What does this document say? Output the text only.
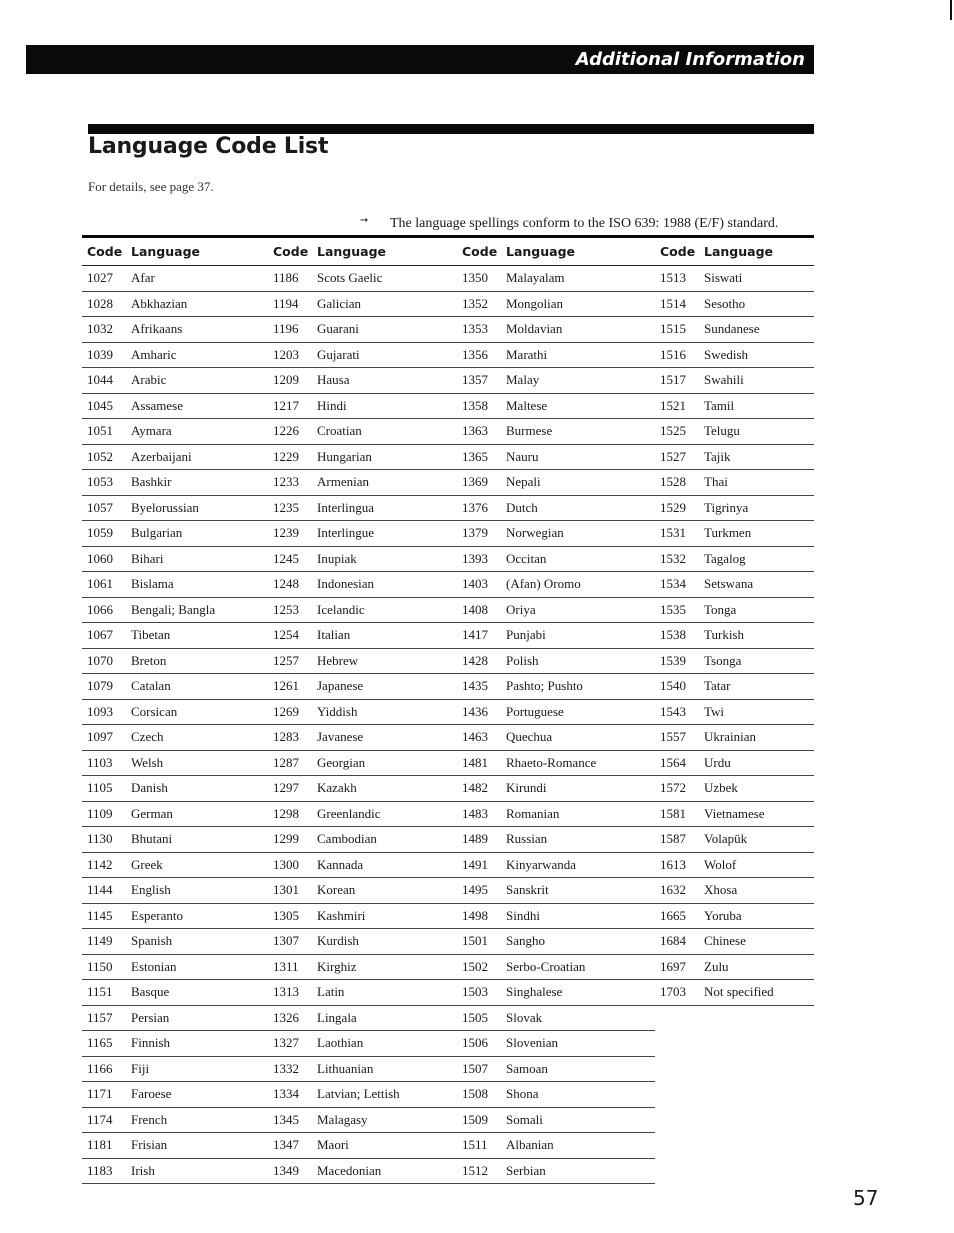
Additional Information
Language Code List
For details, see page 37.
➙ The language spellings conform to the ISO 639: 1988 (E/F) standard.
Code	Language	Code	Language	Code	Language	Code	Language
1027	Afar	1186	Scots Gaelic	1350	Malayalam	1513	Siswati
1028	Abkhazian	1194	Galician	1352	Mongolian	1514	Sesotho
1032	Afrikaans	1196	Guarani	1353	Moldavian	1515	Sundanese
1039	Amharic	1203	Gujarati	1356	Marathi	1516	Swedish
1044	Arabic	1209	Hausa	1357	Malay	1517	Swahili
1045	Assamese	1217	Hindi	1358	Maltese	1521	Tamil
1051	Aymara	1226	Croatian	1363	Burmese	1525	Telugu
1052	Azerbaijani	1229	Hungarian	1365	Nauru	1527	Tajik
1053	Bashkir	1233	Armenian	1369	Nepali	1528	Thai
1057	Byelorussian	1235	Interlingua	1376	Dutch	1529	Tigrinya
1059	Bulgarian	1239	Interlingue	1379	Norwegian	1531	Turkmen
1060	Bihari	1245	Inupiak	1393	Occitan	1532	Tagalog
1061	Bislama	1248	Indonesian	1403	(Afan) Oromo	1534	Setswana
1066	Bengali; Bangla	1253	Icelandic	1408	Oriya	1535	Tonga
1067	Tibetan	1254	Italian	1417	Punjabi	1538	Turkish
1070	Breton	1257	Hebrew	1428	Polish	1539	Tsonga
1079	Catalan	1261	Japanese	1435	Pashto; Pushto	1540	Tatar
1093	Corsican	1269	Yiddish	1436	Portuguese	1543	Twi
1097	Czech	1283	Javanese	1463	Quechua	1557	Ukrainian
1103	Welsh	1287	Georgian	1481	Rhaeto-Romance	1564	Urdu
1105	Danish	1297	Kazakh	1482	Kirundi	1572	Uzbek
1109	German	1298	Greenlandic	1483	Romanian	1581	Vietnamese
1130	Bhutani	1299	Cambodian	1489	Russian	1587	Volapük
1142	Greek	1300	Kannada	1491	Kinyarwanda	1613	Wolof
1144	English	1301	Korean	1495	Sanskrit	1632	Xhosa
1145	Esperanto	1305	Kashmiri	1498	Sindhi	1665	Yoruba
1149	Spanish	1307	Kurdish	1501	Sangho	1684	Chinese
1150	Estonian	1311	Kirghiz	1502	Serbo-Croatian	1697	Zulu
1151	Basque	1313	Latin	1503	Singhalese	1703	Not specified
1157	Persian	1326	Lingala	1505	Slovak		
1165	Finnish	1327	Laothian	1506	Slovenian		
1166	Fiji	1332	Lithuanian	1507	Samoan		
1171	Faroese	1334	Latvian; Lettish	1508	Shona		
1174	French	1345	Malagasy	1509	Somali		
1181	Frisian	1347	Maori	1511	Albanian		
1183	Irish	1349	Macedonian	1512	Serbian		
57
